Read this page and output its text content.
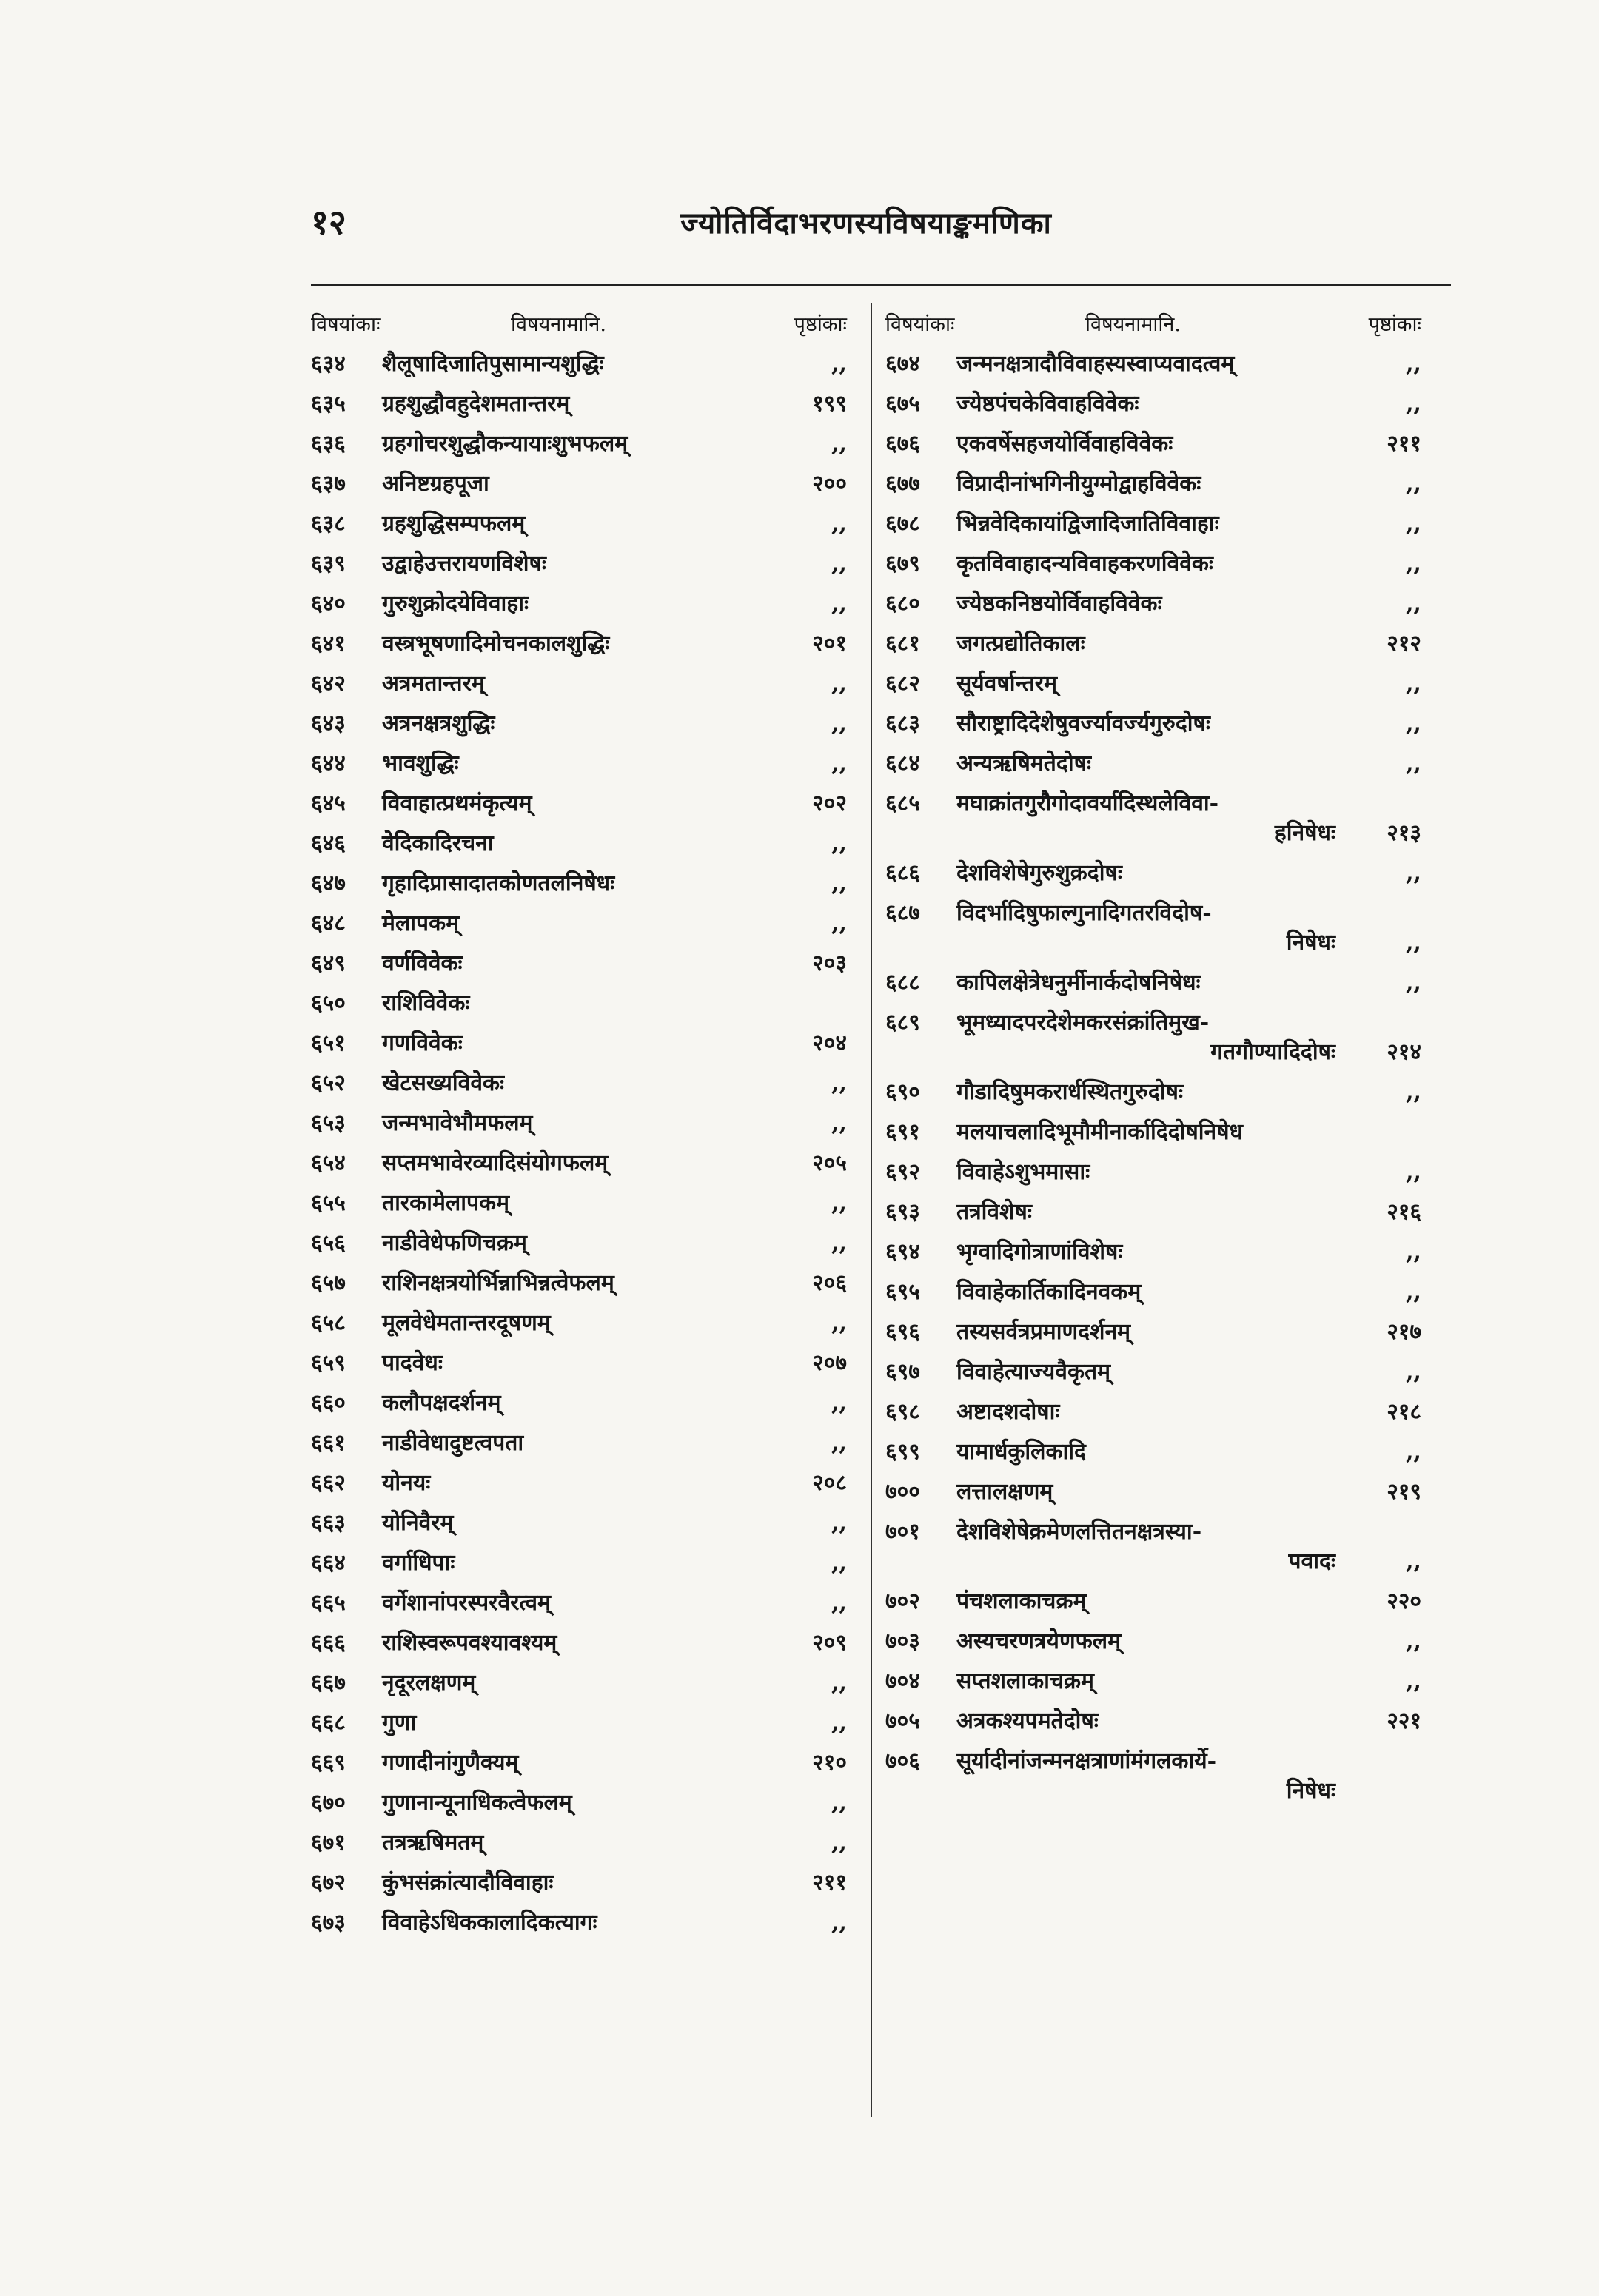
१२	ज्योतिर्विदाभरणस्यविषयाङ्कमणिका
विषयांकाः	विषयनामानि.	पृष्ठांकाः
६३४	शैलूषादिजातिपुसामान्यशुद्धिः	,,
६३५	ग्रहशुद्धौवहुदेशमतान्तरम्	१९९
६३६	ग्रहगोचरशुद्धौकन्यायाःशुभफलम्	,,
६३७	अनिष्टग्रहपूजा	२००
६३८	ग्रहशुद्धिसम्पफलम्	,,
६३९	उद्वाहेउत्तरायणविशेषः	,,
६४०	गुरुशुक्रोदयेविवाहाः	,,
६४१	वस्त्रभूषणादिमोचनकालशुद्धिः	२०१
६४२	अत्रमतान्तरम्	,,
६४३	अत्रनक्षत्रशुद्धिः	,,
६४४	भावशुद्धिः	,,
६४५	विवाहात्प्रथमंकृत्यम्	२०२
६४६	वेदिकादिरचना	,,
६४७	गृहादिप्रासादातकोणतलनिषेधः	,,
६४८	मेलापकम्	,,
६४९	वर्णविवेकः	२०३
६५०	राशिविवेकः
६५१	गणविवेकः	२०४
६५२	खेटसख्यविवेकः	,,
६५३	जन्मभावेभौमफलम्	,,
६५४	सप्तमभावेरव्यादिसंयोगफलम्	२०५
६५५	तारकामेलापकम्	,,
६५६	नाडीवेधेफणिचक्रम्	,,
६५७	राशिनक्षत्रयोर्भिन्नाभिन्नत्वेफलम्	२०६
६५८	मूलवेधेमतान्तरदूषणम्	,,
६५९	पादवेधः	२०७
६६०	कलौपक्षदर्शनम्	,,
६६१	नाडीवेधादुष्टत्वपता	,,
६६२	योनयः	२०८
६६३	योनिवैरम्	,,
६६४	वर्गाधिपाः	,,
६६५	वर्गेशानांपरस्परवैरत्वम्	,,
६६६	राशिस्वरूपवश्यावश्यम्	२०९
६६७	नृदूरलक्षणम्	,,
६६८	गुणा	,,
६६९	गणादीनांगुणैक्यम्	२१०
६७०	गुणानान्यूनाधिकत्वेफलम्	,,
६७१	तत्रऋषिमतम्	,,
६७२	कुंभसंक्रांत्यादौविवाहाः	२११
६७३	विवाहेऽधिककालादिकत्यागः	,,
विषयांकाः	विषयनामानि.	पृष्ठांकाः
६७४	जन्मनक्षत्रादौविवाहस्यस्वाप्यवादत्वम्	,,
६७५	ज्येष्ठपंचकेविवाहविवेकः	,,
६७६	एकवर्षेसहजयोर्विवाहविवेकः	२११
६७७	विप्रादीनांभगिनीयुग्मोद्वाहविवेकः	,,
६७८	भिन्नवेदिकायांद्विजादिजातिविवाहाः	,,
६७९	कृतविवाहादन्यविवाहकरणविवेकः	,,
६८०	ज्येष्ठकनिष्ठयोर्विवाहविवेकः	,,
६८१	जगत्प्रद्योतिकालः	२१२
६८२	सूर्यवर्षान्तरम्	,,
६८३	सौराष्ट्रादिदेशेषुवर्ज्यावर्ज्यगुरुदोषः	,,
६८४	अन्यऋषिमतेदोषः	,,
६८५	मघाक्रांतगुरौगोदावर्यादिस्थलेविवा-
हनिषेधः	२१३
६८६	देशविशेषेगुरुशुक्रदोषः	,,
६८७	विदर्भादिषुफाल्गुनादिगतरविदोष-
निषेधः	,,
६८८	कापिलक्षेत्रेधनुर्मीनार्कदोषनिषेधः	,,
६८९	भूमध्यादपरदेशेमकरसंक्रांतिमुख-
गतगौण्यादिदोषः	२१४
६९०	गौडादिषुमकरार्धस्थितगुरुदोषः	,,
६९१	मलयाचलादिभूमौमीनार्कादिदोषनिषेध
६९२	विवाहेऽशुभमासाः	,,
६९३	तत्रविशेषः	२१६
६९४	भृग्वादिगोत्राणांविशेषः	,,
६९५	विवाहेकार्तिकादिनवकम्	,,
६९६	तस्यसर्वत्रप्रमाणदर्शनम्	२१७
६९७	विवाहेत्याज्यवैकृतम्	,,
६९८	अष्टादशदोषाः	२१८
६९९	यामार्धकुलिकादि	,,
७००	लत्तालक्षणम्	२१९
७०१	देशविशेषेक्रमेणलत्तितनक्षत्रस्या-
पवादः	,,
७०२	पंचशलाकाचक्रम्	२२०
७०३	अस्यचरणत्रयेणफलम्	,,
७०४	सप्तशलाकाचक्रम्	,,
७०५	अत्रकश्यपमतेदोषः	२२१
७०६	सूर्यादीनांजन्मनक्षत्राणांमंगलकार्ये-
निषेधः
